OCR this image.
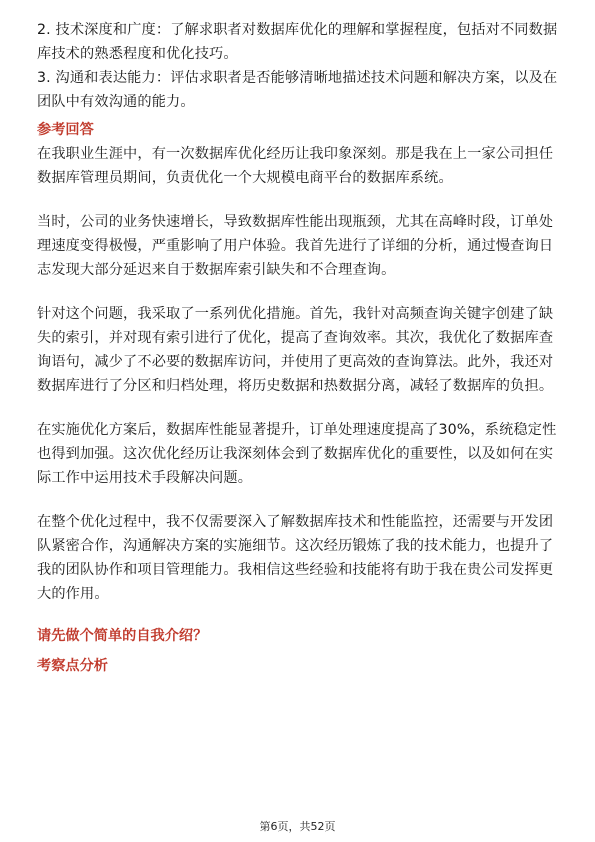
2. 技术深度和广度：了解求职者对数据库优化的理解和掌握程度，包括对不同数据
库技术的熟悉程度和优化技巧。
3. 沟通和表达能力：评估求职者是否能够清晰地描述技术问题和解决方案，以及在
团队中有效沟通的能力。
参考回答
在我职业生涯中，有一次数据库优化经历让我印象深刻。那是我在上一家公司担任
数据库管理员期间，负责优化一个大规模电商平台的数据库系统。
当时，公司的业务快速增长，导致数据库性能出现瓶颈，尤其在高峰时段，订单处
理速度变得极慢，严重影响了用户体验。我首先进行了详细的分析，通过慢查询日
志发现大部分延迟来自于数据库索引缺失和不合理查询。
针对这个问题，我采取了一系列优化措施。首先，我针对高频查询关键字创建了缺
失的索引，并对现有索引进行了优化，提高了查询效率。其次，我优化了数据库查
询语句，减少了不必要的数据库访问，并使用了更高效的查询算法。此外，我还对
数据库进行了分区和归档处理，将历史数据和热数据分离，减轻了数据库的负担。
在实施优化方案后，数据库性能显著提升，订单处理速度提高了30%，系统稳定性
也得到加强。这次优化经历让我深刻体会到了数据库优化的重要性，以及如何在实
际工作中运用技术手段解决问题。
在整个优化过程中，我不仅需要深入了解数据库技术和性能监控，还需要与开发团
队紧密合作，沟通解决方案的实施细节。这次经历锻炼了我的技术能力，也提升了
我的团队协作和项目管理能力。我相信这些经验和技能将有助于我在贵公司发挥更
大的作用。
请先做个简单的自我介绍？
考察点分析
第6页，共52页
